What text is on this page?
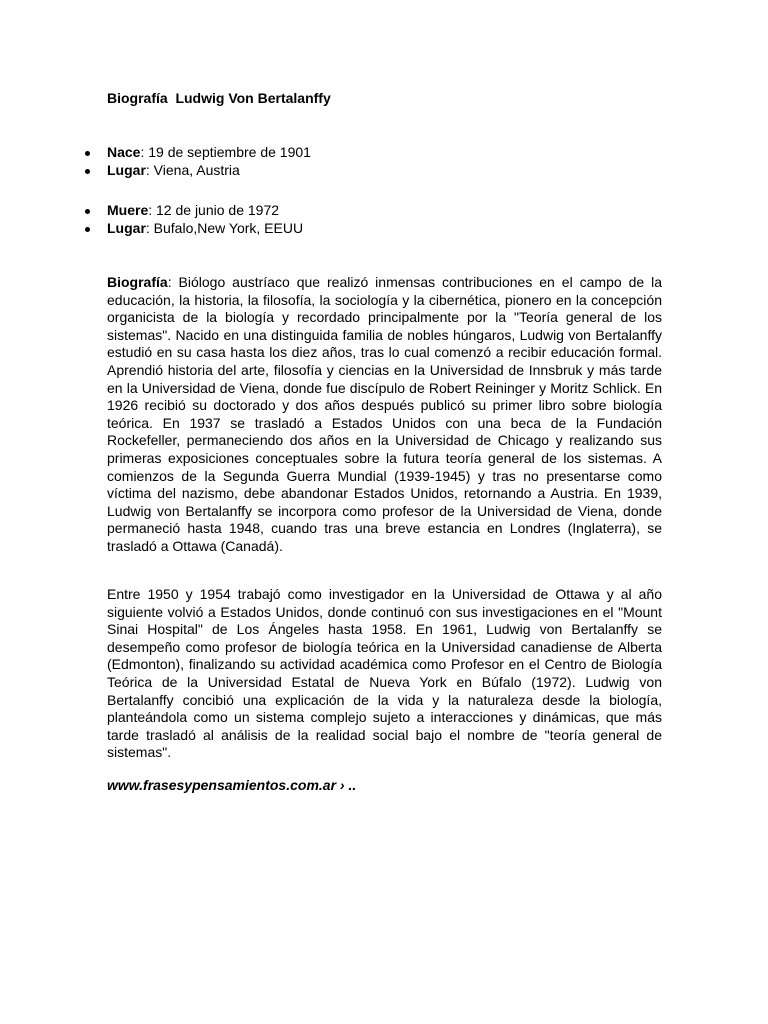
Biografía  Ludwig Von Bertalanffy
Nace: 19 de septiembre de 1901
Lugar: Viena, Austria
Muere: 12 de junio de 1972
Lugar: Bufalo,New York, EEUU

Biografía: Biólogo austríaco que realizó inmensas contribuciones en el campo de la educación, la historia, la filosofía, la sociología y la cibernética, pionero en la concepción organicista de la biología y recordado principalmente por la "Teoría general de los sistemas". Nacido en una distinguida familia de nobles húngaros, Ludwig von Bertalanffy estudió en su casa hasta los diez años, tras lo cual comenzó a recibir educación formal. Aprendió historia del arte, filosofía y ciencias en la Universidad de Innsbruk y más tarde en la Universidad de Viena, donde fue discípulo de Robert Reininger y Moritz Schlick. En 1926 recibió su doctorado y dos años después publicó su primer libro sobre biología teórica. En 1937 se trasladó a Estados Unidos con una beca de la Fundación Rockefeller, permaneciendo dos años en la Universidad de Chicago y realizando sus primeras exposiciones conceptuales sobre la futura teoría general de los sistemas. A comienzos de la Segunda Guerra Mundial (1939-1945) y tras no presentarse como víctima del nazismo, debe abandonar Estados Unidos, retornando a Austria. En 1939, Ludwig von Bertalanffy se incorpora como profesor de la Universidad de Viena, donde permaneció hasta 1948, cuando tras una breve estancia en Londres (Inglaterra), se trasladó a Ottawa (Canadá).

Entre 1950 y 1954 trabajó como investigador en la Universidad de Ottawa y al año siguiente volvió a Estados Unidos, donde continuó con sus investigaciones en el "Mount Sinai Hospital" de Los Ángeles hasta 1958. En 1961, Ludwig von Bertalanffy se desempeño como profesor de biología teórica en la Universidad canadiense de Alberta (Edmonton), finalizando su actividad académica como Profesor en el Centro de Biología Teórica de la Universidad Estatal de Nueva York en Búfalo (1972). Ludwig von Bertalanffy concibió una explicación de la vida y la naturaleza desde la biología, planteándola como un sistema complejo sujeto a interacciones y dinámicas, que más tarde trasladó al análisis de la realidad social bajo el nombre de "teoría general de sistemas".

www.frasesypensamientos.com.ar › ..
